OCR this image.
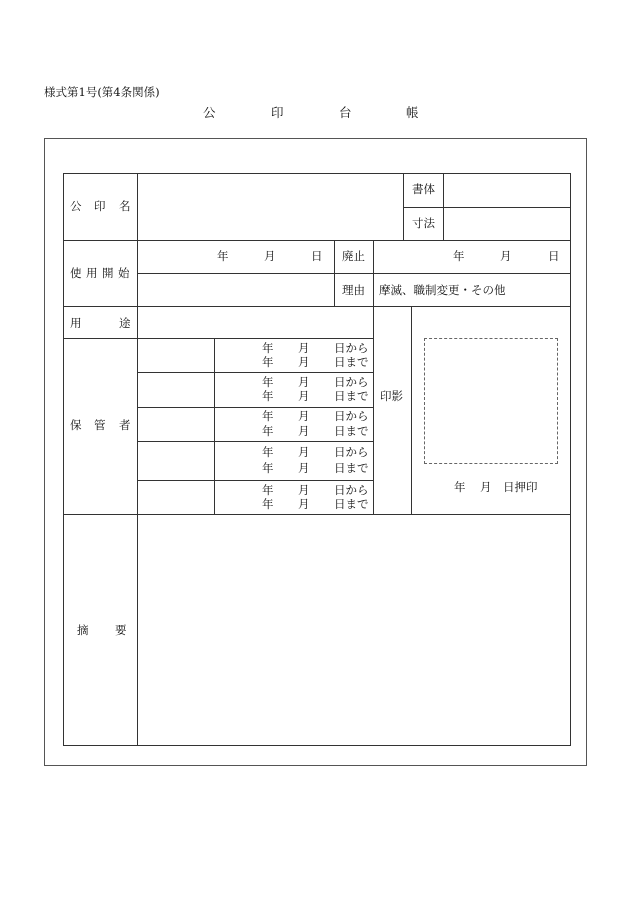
様式第1号(第4条関係)
公	印	台	帳
公 印 名
書体
寸法
使 用 開 始
年	月	日 廃止	年	月	日
理由 摩滅、職制変更・その他
用	途
保 管 者
年 月 日から
年 月 日まで
年 月 日から
年 月 日まで
年 月 日から
年 月 日まで
年 月 日から
年 月 日まで
年 月 日から
年 月 日まで
印影
年 月 日押印
摘 要
